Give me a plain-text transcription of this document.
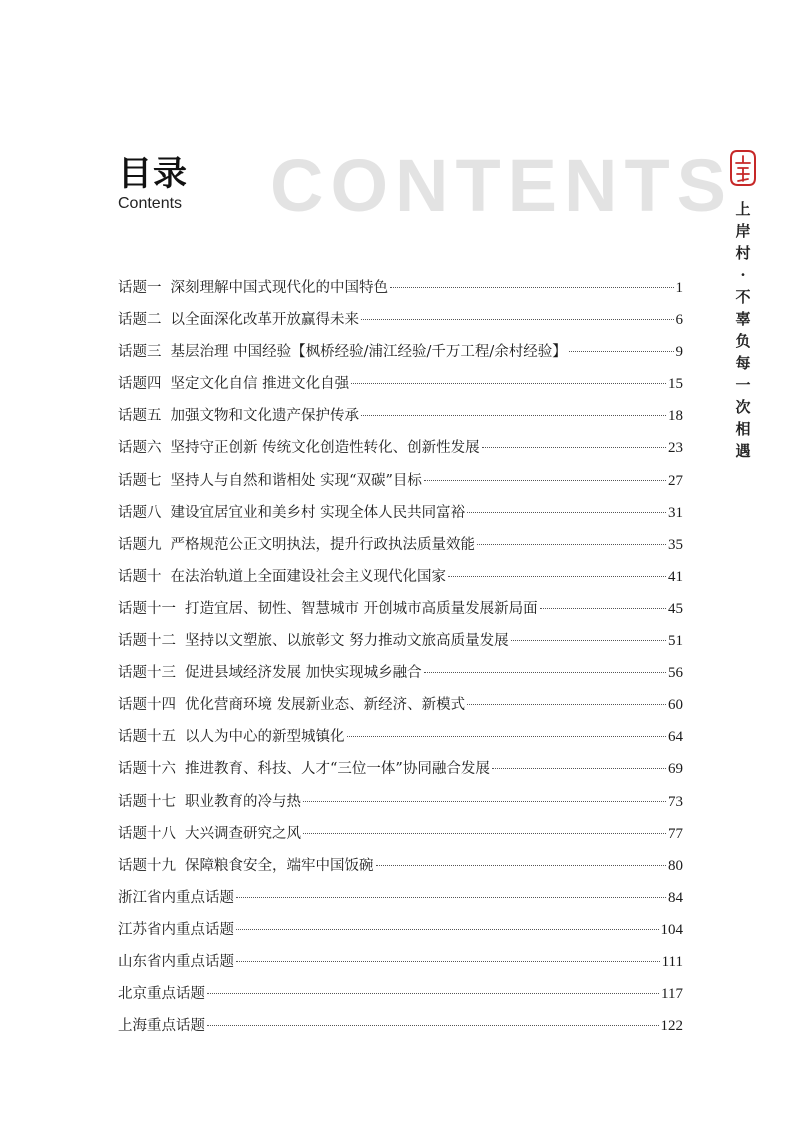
CONTENTS
目录
Contents	上岸村·不辜负每一次相遇
话题一 深刻理解中国式现代化的中国特色	1
话题二 以全面深化改革开放赢得未来	6
话题三 基层治理 中国经验【枫桥经验/浦江经验/千万工程/余村经验】	9
话题四 坚定文化自信 推进文化自强	15
话题五 加强文物和文化遗产保护传承	18
话题六 坚持守正创新 传统文化创造性转化、创新性发展	23
话题七 坚持人与自然和谐相处 实现“双碳”目标	27
话题八 建设宜居宜业和美乡村 实现全体人民共同富裕	31
话题九 严格规范公正文明执法，提升行政执法质量效能	35
话题十 在法治轨道上全面建设社会主义现代化国家	41
话题十一 打造宜居、韧性、智慧城市 开创城市高质量发展新局面	45
话题十二 坚持以文塑旅、以旅彰文 努力推动文旅高质量发展	51
话题十三 促进县域经济发展 加快实现城乡融合	56
话题十四 优化营商环境 发展新业态、新经济、新模式	60
话题十五 以人为中心的新型城镇化	64
话题十六 推进教育、科技、人才“三位一体”协同融合发展	69
话题十七 职业教育的冷与热	73
话题十八 大兴调查研究之风	77
话题十九 保障粮食安全，端牢中国饭碗	80
浙江省内重点话题	84
江苏省内重点话题	104
山东省内重点话题	111
北京重点话题	117
上海重点话题	122
